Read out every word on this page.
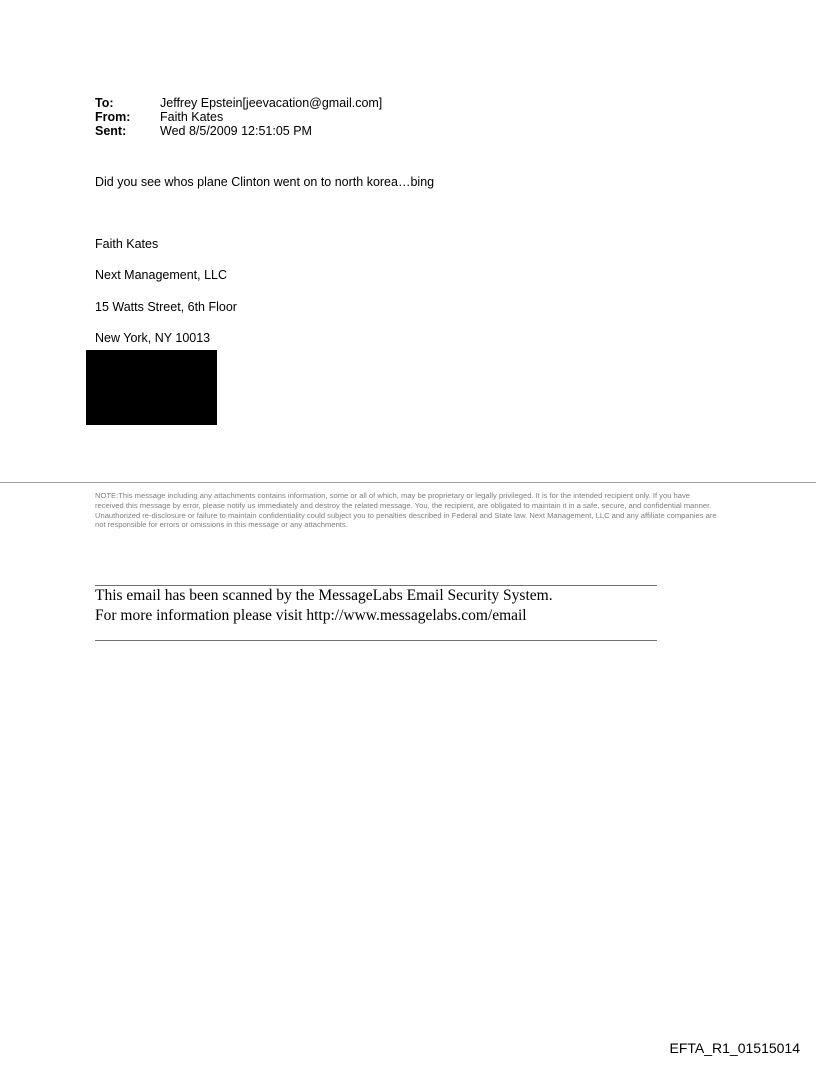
To:	Jeffrey Epstein[jeevacation@gmail.com]
From:	Faith Kates
Sent:	Wed 8/5/2009 12:51:05 PM
Did you see whos plane Clinton went on to north korea…bing
Faith Kates
Next Management, LLC
15 Watts Street, 6th Floor
New York, NY 10013
NOTE:This message including any attachments contains information, some or all of which, may be proprietary or legally privileged. It is for the intended recipient only. If you have received this message by error, please notify us immediately and destroy the related message. You, the recipient, are obligated to maintain it in a safe, secure, and confidential manner. Unauthorized re-disclosure or failure to maintain confidentiality could subject you to penalties described in Federal and State law. Next Management, LLC and any affiliate companies are not responsible for errors or omissions in this message or any attachments.
This email has been scanned by the MessageLabs Email Security System.
For more information please visit http://www.messagelabs.com/email
EFTA_R1_01515014
